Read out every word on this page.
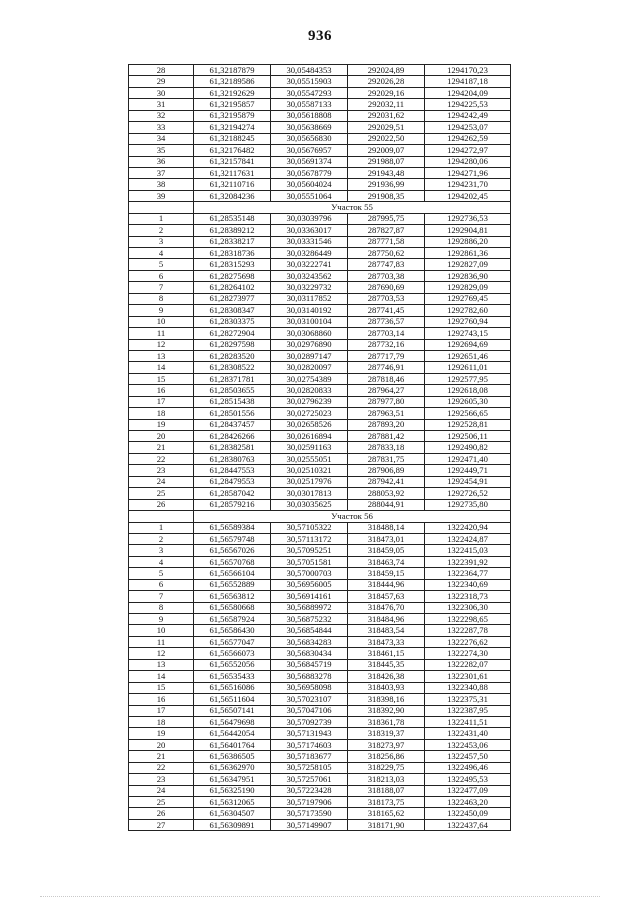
936
28	61,32187879	30,05484353	292024,89	1294170,23
29	61,32189586	30,05515903	292026,28	1294187,18
30	61,32192629	30,05547293	292029,16	1294204,09
31	61,32195857	30,05587133	292032,11	1294225,53
32	61,32195879	30,05618808	292031,62	1294242,49
33	61,32194274	30,05638669	292029,51	1294253,07
34	61,32188245	30,05656830	292022,50	1294262,59
35	61,32176482	30,05676957	292009,07	1294272,97
36	61,32157841	30,05691374	291988,07	1294280,06
37	61,32117631	30,05678779	291943,48	1294271,96
38	61,32110716	30,05604024	291936,99	1294231,70
39	61,32084236	30,05551064	291908,35	1294202,45
	Участок 55			
1	61,28535148	30,03039796	287995,75	1292736,53
2	61,28389212	30,03363017	287827,87	1292904,81
3	61,28338217	30,03331546	287771,58	1292886,20
4	61,28318736	30,03286449	287750,62	1292861,36
5	61,28315293	30,03222741	287747,83	1292827,09
6	61,28275698	30,03243562	287703,38	1292836,90
7	61,28264102	30,03229732	287690,69	1292829,09
8	61,28273977	30,03117852	287703,53	1292769,45
9	61,28308347	30,03140192	287741,45	1292782,60
10	61,28303375	30,03100104	287736,57	1292760,94
11	61,28272904	30,03068860	287703,14	1292743,15
12	61,28297598	30,02976890	287732,16	1292694,69
13	61,28283520	30,02897147	287717,79	1292651,46
14	61,28308522	30,02820097	287746,91	1292611,01
15	61,28371781	30,02754389	287818,46	1292577,95
16	61,28503655	30,02820833	287964,27	1292618,08
17	61,28515438	30,02796239	287977,80	1292605,30
18	61,28501556	30,02725023	287963,51	1292566,65
19	61,28437457	30,02658526	287893,20	1292528,81
20	61,28426266	30,02616894	287881,42	1292506,11
21	61,28382581	30,02591163	287833,18	1292490,82
22	61,28380763	30,02555051	287831,75	1292471,40
23	61,28447553	30,02510321	287906,89	1292449,71
24	61,28479553	30,02517976	287942,41	1292454,91
25	61,28587042	30,03017813	288053,92	1292726,52
26	61,28579216	30,03035625	288044,91	1292735,80
	Участок 56			
1	61,56589384	30,57105322	318488,14	1322420,94
2	61,56579748	30,57113172	318473,01	1322424,87
3	61,56567026	30,57095251	318459,05	1322415,03
4	61,56570768	30,57051581	318463,74	1322391,92
5	61,56566104	30,57000703	318459,15	1322364,77
6	61,56552889	30,56956005	318444,96	1322340,69
7	61,56563812	30,56914161	318457,63	1322318,73
8	61,56580668	30,56889972	318476,70	1322306,30
9	61,56587924	30,56875232	318484,96	1322298,65
10	61,56586430	30,56854844	318483,54	1322287,78
11	61,56577047	30,56834283	318473,33	1322276,62
12	61,56566073	30,56830434	318461,15	1322274,30
13	61,56552056	30,56845719	318445,35	1322282,07
14	61,56535433	30,56883278	318426,38	1322301,61
15	61,56516086	30,56958098	318403,93	1322340,88
16	61,56511604	30,57023107	318398,16	1322375,31
17	61,56507141	30,57047106	318392,90	1322387,95
18	61,56479698	30,57092739	318361,78	1322411,51
19	61,56442054	30,57131943	318319,37	1322431,40
20	61,56401764	30,57174603	318273,97	1322453,06
21	61,56386505	30,57183677	318256,86	1322457,50
22	61,56362970	30,57258105	318229,75	1322496,46
23	61,56347951	30,57257061	318213,03	1322495,53
24	61,56325190	30,57223428	318188,07	1322477,09
25	61,56312065	30,57197906	318173,75	1322463,20
26	61,56304507	30,57173590	318165,62	1322450,09
27	61,56309891	30,57149907	318171,90	1322437,64
